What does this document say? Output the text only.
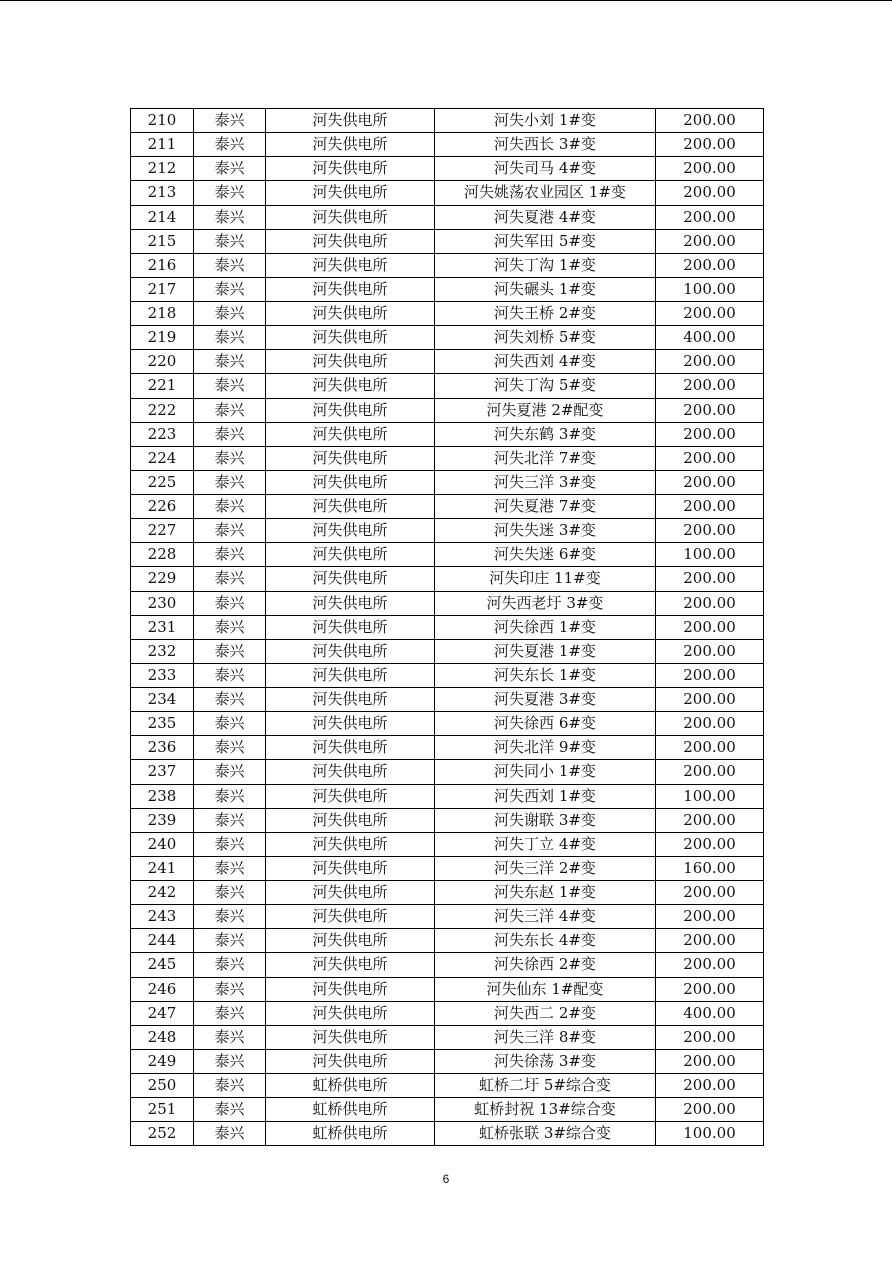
210	泰兴	河失供电所	河失小刘 1#变	200.00
211	泰兴	河失供电所	河失西长 3#变	200.00
212	泰兴	河失供电所	河失司马 4#变	200.00
213	泰兴	河失供电所	河失姚荡农业园区 1#变	200.00
214	泰兴	河失供电所	河失夏港 4#变	200.00
215	泰兴	河失供电所	河失军田 5#变	200.00
216	泰兴	河失供电所	河失丁沟 1#变	200.00
217	泰兴	河失供电所	河失碾头 1#变	100.00
218	泰兴	河失供电所	河失王桥 2#变	200.00
219	泰兴	河失供电所	河失刘桥 5#变	400.00
220	泰兴	河失供电所	河失西刘 4#变	200.00
221	泰兴	河失供电所	河失丁沟 5#变	200.00
222	泰兴	河失供电所	河失夏港 2#配变	200.00
223	泰兴	河失供电所	河失东鹤 3#变	200.00
224	泰兴	河失供电所	河失北洋 7#变	200.00
225	泰兴	河失供电所	河失三洋 3#变	200.00
226	泰兴	河失供电所	河失夏港 7#变	200.00
227	泰兴	河失供电所	河失失迷 3#变	200.00
228	泰兴	河失供电所	河失失迷 6#变	100.00
229	泰兴	河失供电所	河失印庄 11#变	200.00
230	泰兴	河失供电所	河失西老圩 3#变	200.00
231	泰兴	河失供电所	河失徐西 1#变	200.00
232	泰兴	河失供电所	河失夏港 1#变	200.00
233	泰兴	河失供电所	河失东长 1#变	200.00
234	泰兴	河失供电所	河失夏港 3#变	200.00
235	泰兴	河失供电所	河失徐西 6#变	200.00
236	泰兴	河失供电所	河失北洋 9#变	200.00
237	泰兴	河失供电所	河失同小 1#变	200.00
238	泰兴	河失供电所	河失西刘 1#变	100.00
239	泰兴	河失供电所	河失谢联 3#变	200.00
240	泰兴	河失供电所	河失丁立 4#变	200.00
241	泰兴	河失供电所	河失三洋 2#变	160.00
242	泰兴	河失供电所	河失东赵 1#变	200.00
243	泰兴	河失供电所	河失三洋 4#变	200.00
244	泰兴	河失供电所	河失东长 4#变	200.00
245	泰兴	河失供电所	河失徐西 2#变	200.00
246	泰兴	河失供电所	河失仙东 1#配变	200.00
247	泰兴	河失供电所	河失西二 2#变	400.00
248	泰兴	河失供电所	河失三洋 8#变	200.00
249	泰兴	河失供电所	河失徐荡 3#变	200.00
250	泰兴	虹桥供电所	虹桥二圩 5#综合变	200.00
251	泰兴	虹桥供电所	虹桥封祝 13#综合变	200.00
252	泰兴	虹桥供电所	虹桥张联 3#综合变	100.00
6
